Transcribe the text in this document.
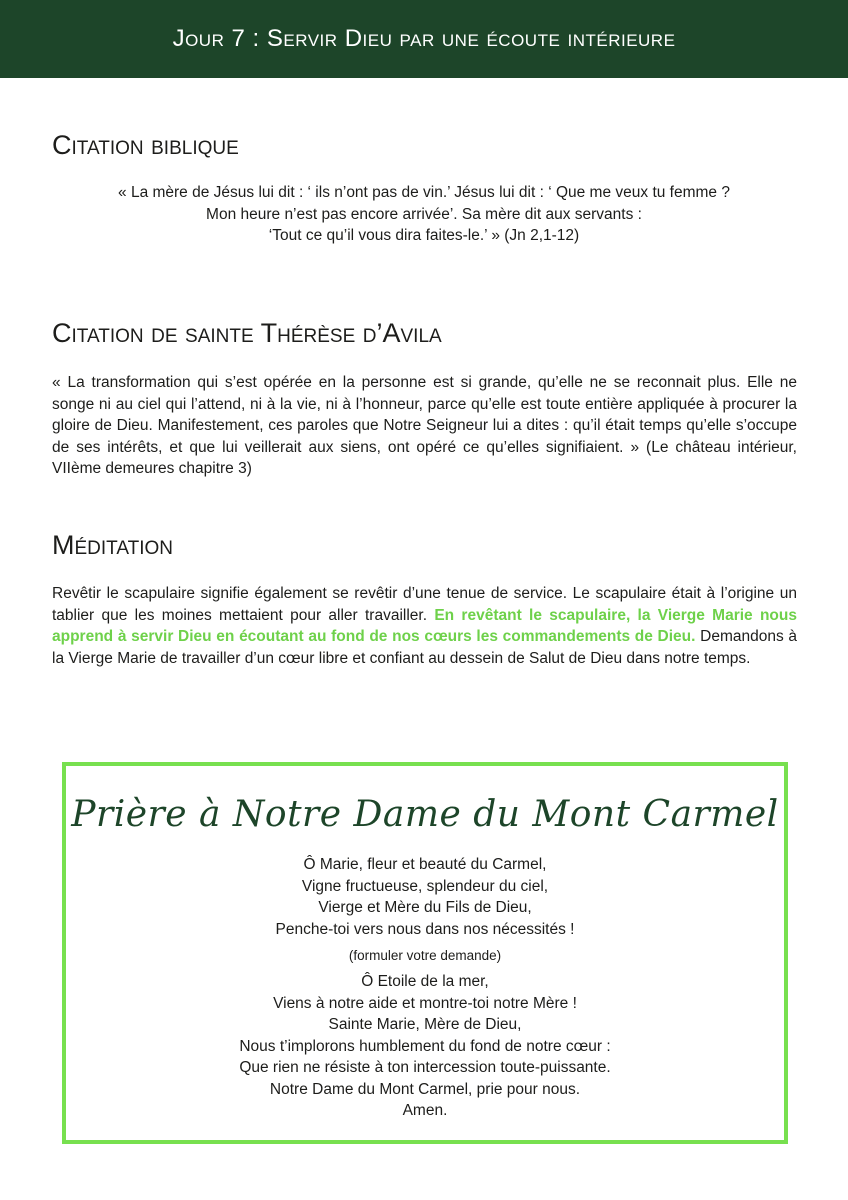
Jour 7 : Servir Dieu par une écoute intérieure
Citation biblique
« La mère de Jésus lui dit : ‘ ils n’ont pas de vin.’ Jésus lui dit : ‘ Que me veux tu femme ?
Mon heure n’est pas encore arrivée’. Sa mère dit aux servants :
‘Tout ce qu’il vous dira faites-le.’ » (Jn 2,1-12)
Citation de sainte Thérèse d’Avila

« La transformation qui s’est opérée en la personne est si grande, qu’elle ne se reconnait plus. Elle ne songe ni au ciel qui l’attend, ni à la vie, ni à l’honneur, parce qu’elle est toute entière appliquée à procurer la gloire de Dieu. Manifestement, ces paroles que Notre Seigneur lui a dites : qu’il était temps qu’elle s’occupe de ses intérêts, et que lui veillerait aux siens, ont opéré ce qu’elles signifiaient. » (Le château intérieur, VIIème demeures chapitre 3)

Méditation

Revêtir le scapulaire signifie également se revêtir d’une tenue de service. Le scapulaire était à l’origine un tablier que les moines mettaient pour aller travailler. En revêtant le scapulaire, la Vierge Marie nous apprend à servir Dieu en écoutant au fond de nos cœurs les commandements de Dieu. Demandons à la Vierge Marie de travailler d’un cœur libre et confiant au dessein de Salut de Dieu dans notre temps.

Prière à Notre Dame du Mont Carmel
Ô Marie, fleur et beauté du Carmel,
Vigne fructueuse, splendeur du ciel,
Vierge et Mère du Fils de Dieu,
Penche-toi vers nous dans nos nécessités !
(formuler votre demande)
Ô Etoile de la mer,
Viens à notre aide et montre-toi notre Mère !
Sainte Marie, Mère de Dieu,
Nous t’implorons humblement du fond de notre cœur :
Que rien ne résiste à ton intercession toute-puissante.
Notre Dame du Mont Carmel, prie pour nous.
Amen.
